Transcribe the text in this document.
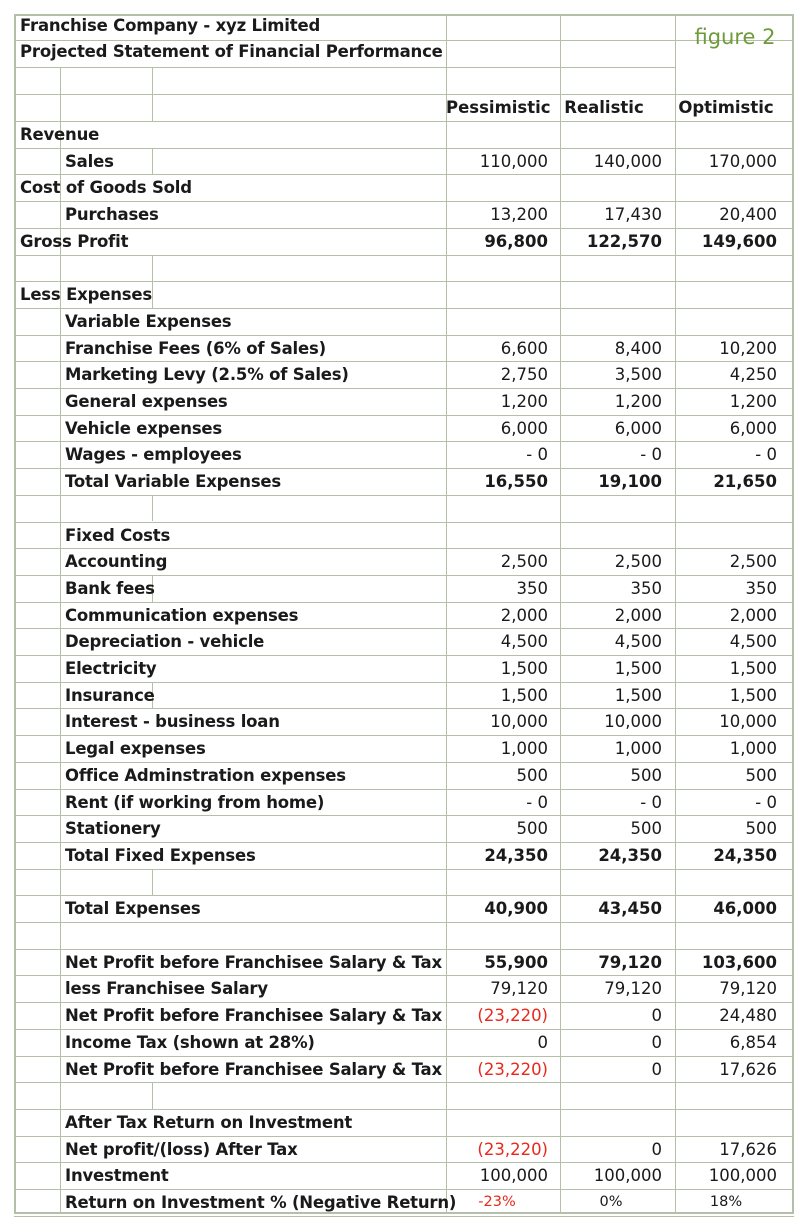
Franchise Company - xyz Limited
Projected Statement of Financial Performance
figure 2
Pessimistic Realistic	Optimistic
Revenue
Sales	110,000	140,000	170,000
Cost of Goods Sold
Purchases	13,200	17,430	20,400
Gross Profit	96,800	122,570	149,600
Less Expenses
Variable Expenses
Franchise Fees (6% of Sales)	6,600	8,400	10,200
Marketing Levy (2.5% of Sales)	2,750	3,500	4,250
General expenses	1,200	1,200	1,200
Vehicle expenses	6,000	6,000	6,000
Wages - employees	- 0	- 0	- 0
Total Variable Expenses	16,550	19,100	21,650
Fixed Costs
Accounting	2,500	2,500	2,500
Bank fees	350	350	350
Communication expenses	2,000	2,000	2,000
Depreciation - vehicle	4,500	4,500	4,500
Electricity	1,500	1,500	1,500
Insurance	1,500	1,500	1,500
Interest - business loan	10,000	10,000	10,000
Legal expenses	1,000	1,000	1,000
Office Adminstration expenses	500	500	500
Rent (if working from home)	- 0	- 0	- 0
Stationery	500	500	500
Total Fixed Expenses	24,350	24,350	24,350
Total Expenses	40,900	43,450	46,000
Net Profit before Franchisee Salary & Tax	55,900	79,120	103,600
less Franchisee Salary	79,120	79,120	79,120
Net Profit before Franchisee Salary & Tax	(23,220)	0	24,480
Income Tax (shown at 28%)	0	0	6,854
Net Profit before Franchisee Salary & Tax	(23,220)	0	17,626
After Tax Return on Investment
Net profit/(loss) After Tax	(23,220)	0	17,626
Investment	100,000	100,000	100,000
Return on Investment % (Negative Return)	-23%	0%	18%
